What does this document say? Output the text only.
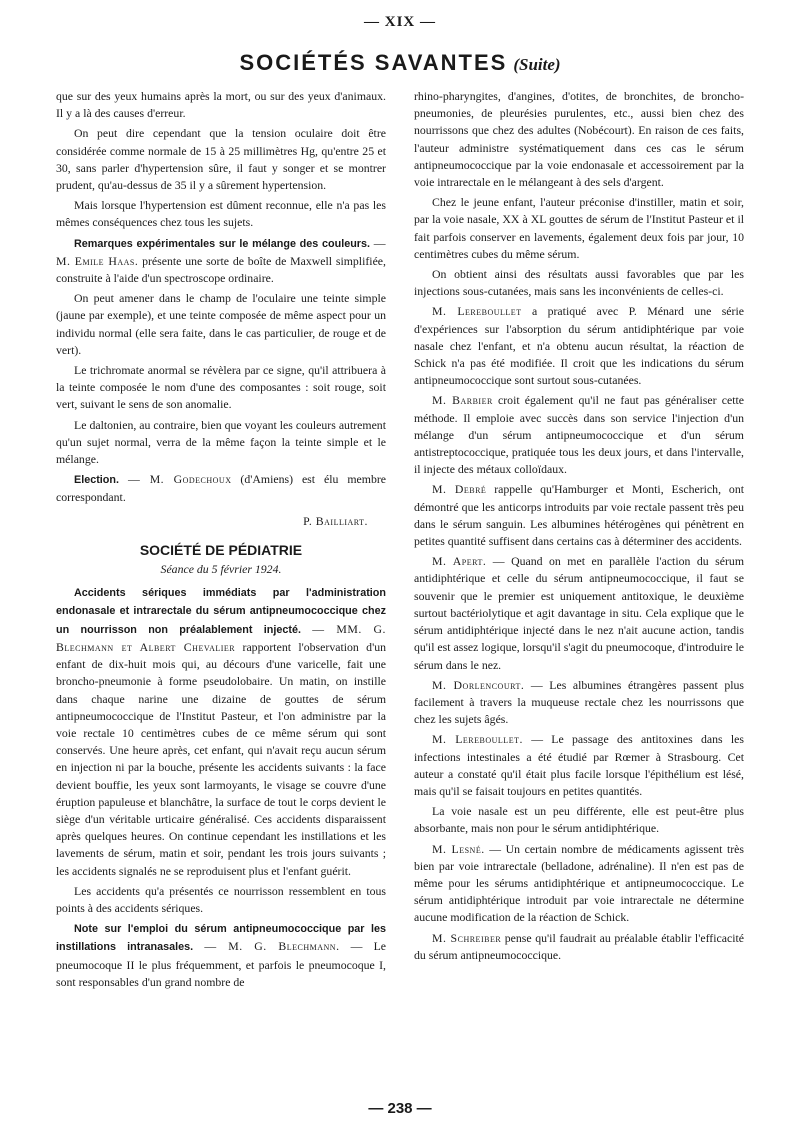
— XIX —
SOCIÉTÉS SAVANTES (Suite)

que sur des yeux humains après la mort, ou sur des yeux d'animaux. Il y a là des causes d'erreur.

On peut dire cependant que la tension oculaire doit être considérée comme normale de 15 à 25 millimètres Hg, qu'entre 25 et 30, sans parler d'hypertension sûre, il faut y songer et se montrer prudent, qu'au-dessus de 35 il y a sûrement hypertension.

Mais lorsque l'hypertension est dûment reconnue, elle n'a pas les mêmes conséquences chez tous les sujets.

Remarques expérimentales sur le mélange des couleurs. — M. Emile Haas. présente une sorte de boîte de Maxwell simplifiée, construite à l'aide d'un spectroscope ordinaire.

On peut amener dans le champ de l'oculaire une teinte simple (jaune par exemple), et une teinte composée de même aspect pour un individu normal (elle sera faite, dans le cas particulier, de rouge et de vert).

Le trichromate anormal se révèlera par ce signe, qu'il attribuera à la teinte composée le nom d'une des composantes : soit rouge, soit vert, suivant le sens de son anomalie.

Le daltonien, au contraire, bien que voyant les couleurs autrement qu'un sujet normal, verra de la même façon la teinte simple et le mélange.

Election. — M. Godechoux (d'Amiens) est élu membre correspondant.

P. Bailliart.
SOCIÉTÉ DE PÉDIATRIE
Séance du 5 février 1924.

Accidents sériques immédiats par l'administration endonasale et intrarectale du sérum antipneumococcique chez un nourrisson non préalablement injecté. — MM. G. Blechmann et Albert Chevalier rapportent l'observation d'un enfant de dix-huit mois qui, au décours d'une varicelle, fait une broncho-pneumonie à forme pseudolobaire. Un matin, on instille dans chaque narine une dizaine de gouttes de sérum antipneumococcique de l'Institut Pasteur, et l'on administre par la voie rectale 10 centimètres cubes de ce même sérum qui sont conservés. Une heure après, cet enfant, qui n'avait reçu aucun sérum en injection ni par la bouche, présente les accidents suivants : la face devient bouffie, les yeux sont larmoyants, le visage se couvre d'une éruption papuleuse et blanchâtre, la surface de tout le corps devient le siège d'un véritable urticaire généralisé. Ces accidents disparaissent après quelques heures. On continue cependant les instillations et les lavements de sérum, matin et soir, pendant les trois jours suivants ; les accidents signalés ne se reproduisent plus et l'enfant guérit.

Les accidents qu'a présentés ce nourrisson ressemblent en tous points à des accidents sériques.

Note sur l'emploi du sérum antipneumococcique par les instillations intranasales. — M. G. Blechmann. — Le pneumocoque II le plus fréquemment, et parfois le pneumocoque I, sont responsables d'un grand nombre de

rhino-pharyngites, d'angines, d'otites, de bronchites, de broncho-pneumonies, de pleurésies purulentes, etc., aussi bien chez des nourrissons que chez des adultes (Nobécourt). En raison de ces faits, l'auteur administre systématiquement dans ces cas le sérum antipneumococcique par la voie endonasale et accessoirement par la voie intrarectale en le mélangeant à des sels d'argent.

Chez le jeune enfant, l'auteur préconise d'instiller, matin et soir, par la voie nasale, XX à XL gouttes de sérum de l'Institut Pasteur et il fait parfois conserver en lavements, également deux fois par jour, 10 centimètres cubes du même sérum.

On obtient ainsi des résultats aussi favorables que par les injections sous-cutanées, mais sans les inconvénients de celles-ci.

M. Lereboullet a pratiqué avec P. Ménard une série d'expériences sur l'absorption du sérum antidiphtérique par voie nasale chez l'enfant, et n'a obtenu aucun résultat, la réaction de Schick n'a pas été modifiée. Il croit que les indications du sérum antipneumococcique sont surtout sous-cutanées.

M. Barbier croit également qu'il ne faut pas généraliser cette méthode. Il emploie avec succès dans son service l'injection d'un mélange d'un sérum antipneumococcique et d'un sérum antistreptococcique, pratiquée tous les deux jours, et dans l'intervalle, il injecte des métaux colloïdaux.

M. Debré rappelle qu'Hamburger et Monti, Escherich, ont démontré que les anticorps introduits par voie rectale passent très peu dans le sérum sanguin. Les albumines hétérogènes qui pénètrent en petites quantité suffisent dans certains cas à déterminer des accidents.

M. Apert. — Quand on met en parallèle l'action du sérum antidiphtérique et celle du sérum antipneumococcique, il faut se souvenir que le premier est uniquement antitoxique, le deuxième surtout bactériolytique et agit davantage in situ. Cela explique que le sérum antidiphtérique injecté dans le nez n'ait aucune action, tandis qu'il est assez logique, lorsqu'il s'agit du pneumocoque, d'introduire le sérum dans le nez.

M. Dorlencourt. — Les albumines étrangères passent plus facilement à travers la muqueuse rectale chez les nourrissons que chez les sujets âgés.

M. Lereboullet. — Le passage des antitoxines dans les infections intestinales a été étudié par Rœmer à Strasbourg. Cet auteur a constaté qu'il était plus facile lorsque l'épithélium est lésé, mais qu'il se faisait toujours en petites quantités.

La voie nasale est un peu différente, elle est peut-être plus absorbante, mais non pour le sérum antidiphtérique.

M. Lesné. — Un certain nombre de médicaments agissent très bien par voie intrarectale (belladone, adrénaline). Il n'en est pas de même pour les sérums antidiphtérique et antipneumococcique. Le sérum antidiphtérique introduit par voie intrarectale ne détermine aucune modification de la réaction de Schick.

M. Schreiber pense qu'il faudrait au préalable établir l'efficacité du sérum antipneumococcique.

— 238 —
